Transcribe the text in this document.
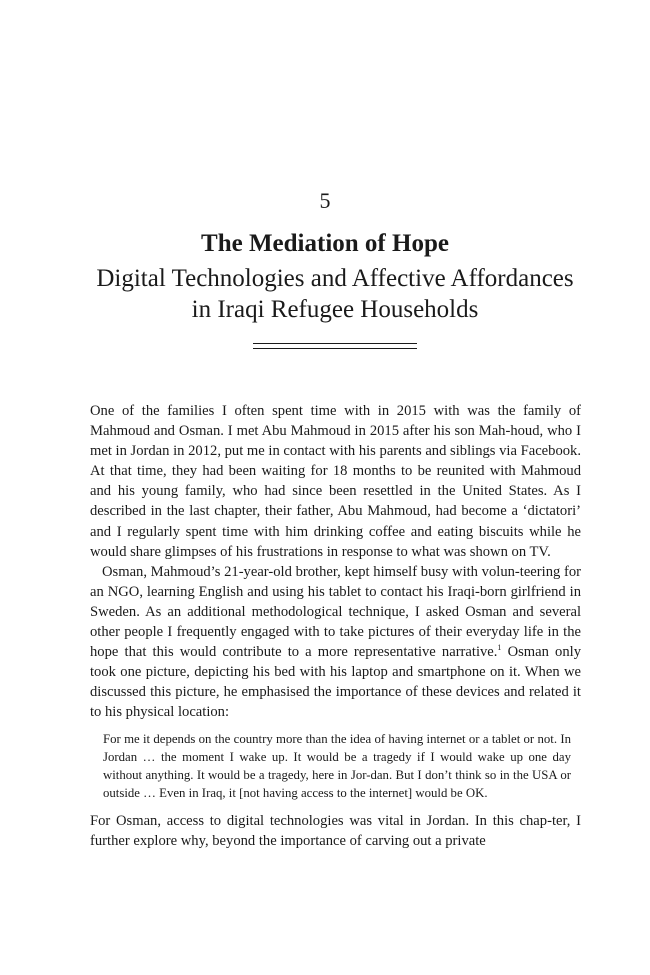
5
The Mediation of Hope
Digital Technologies and Affective Affordances in Iraqi Refugee Households

One of the families I often spent time with in 2015 with was the family of Mahmoud and Osman. I met Abu Mahmoud in 2015 after his son Mah-houd, who I met in Jordan in 2012, put me in contact with his parents and siblings via Facebook. At that time, they had been waiting for 18 months to be reunited with Mahmoud and his young family, who had since been resettled in the United States. As I described in the last chapter, their father, Abu Mahmoud, had become a ‘dictatori’ and I regularly spent time with him drinking coffee and eating biscuits while he would share glimpses of his frustrations in response to what was shown on TV.

Osman, Mahmoud’s 21-year-old brother, kept himself busy with volun-teering for an NGO, learning English and using his tablet to contact his Iraqi-born girlfriend in Sweden. As an additional methodological technique, I asked Osman and several other people I frequently engaged with to take pictures of their everyday life in the hope that this would contribute to a more representative narrative.$^1$ Osman only took one picture, depicting his bed with his laptop and smartphone on it. When we discussed this picture, he emphasised the importance of these devices and related it to his physical location:

For me it depends on the country more than the idea of having internet or a tablet or not. In Jordan … the moment I wake up. It would be a tragedy if I would wake up one day without anything. It would be a tragedy, here in Jor-dan. But I don’t think so in the USA or outside … Even in Iraq, it [not having access to the internet] would be OK.

For Osman, access to digital technologies was vital in Jordan. In this chap-ter, I further explore why, beyond the importance of carving out a private
